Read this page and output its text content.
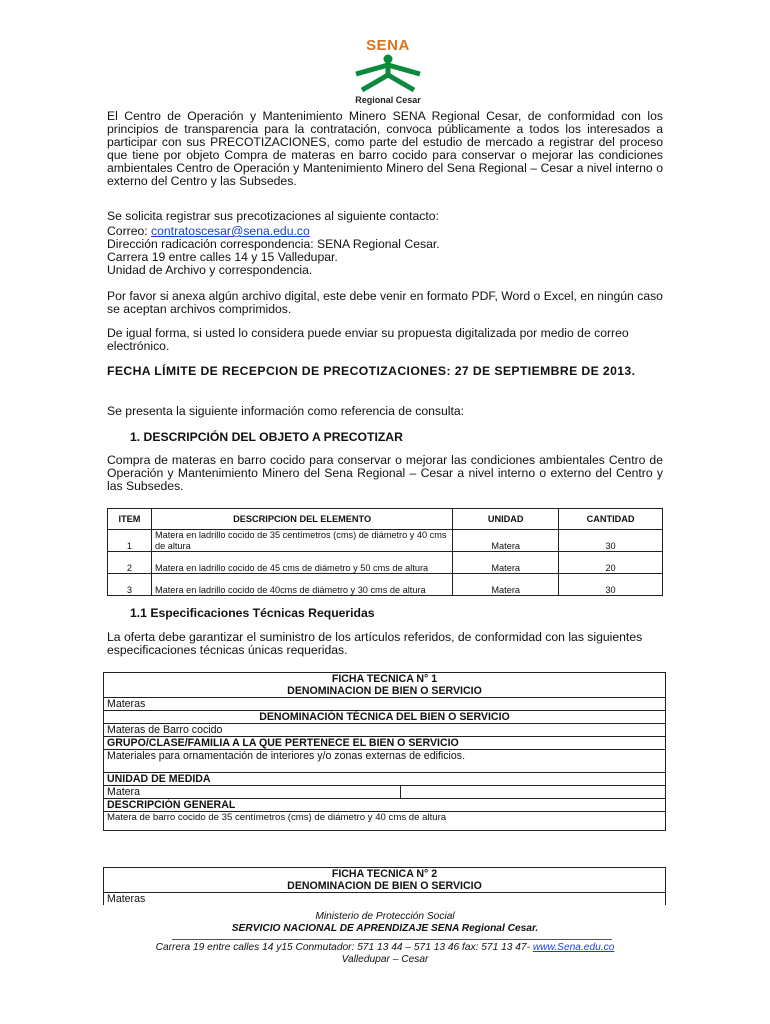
SENA
Regional Cesar

El Centro de Operación y Mantenimiento Minero SENA Regional Cesar, de conformidad con los principios de transparencia para la contratación, convoca públicamente a todos los interesados a participar con sus PRECOTIZACIONES, como parte del estudio de mercado a registrar del proceso que tiene por objeto Compra de materas en barro cocido para conservar o mejorar las condiciones ambientales Centro de Operación y Mantenimiento Minero del Sena Regional – Cesar a nivel interno o externo del Centro y las Subsedes.

Se solicita registrar sus precotizaciones al siguiente contacto:

Correo: contratoscesar@sena.edu.co

Dirección radicación correspondencia: SENA Regional Cesar.

Carrera 19 entre calles 14 y 15 Valledupar.

Unidad de Archivo y correspondencia.

Por favor si anexa algún archivo digital, este debe venir en formato PDF, Word o Excel, en ningún caso se aceptan archivos comprimidos.

De igual forma, si usted lo considera puede enviar su propuesta digitalizada por medio de correo electrónico.

FECHA LÍMITE DE RECEPCION DE PRECOTIZACIONES: 27 DE SEPTIEMBRE DE 2013.

Se presenta la siguiente información como referencia de consulta:

1. DESCRIPCIÓN DEL OBJETO A PRECOTIZAR

Compra de materas en barro cocido para conservar o mejorar las condiciones ambientales Centro de Operación y Mantenimiento Minero del Sena Regional – Cesar a nivel interno o externo del Centro y las Subsedes.

ITEM	DESCRIPCION DEL ELEMENTO	UNIDAD	CANTIDAD
1	Matera en ladrillo cocido de 35 centímetros (cms) de diámetro y 40 cms de altura	Matera	30
2	Matera en ladrillo cocido de 45 cms de diámetro y 50 cms de altura	Matera	20
3	Matera en ladrillo cocido de 40cms de diámetro y 30 cms de altura	Matera	30
1.1 Especificaciones Técnicas Requeridas

La oferta debe garantizar el suministro de los artículos referidos, de conformidad con las siguientes especificaciones técnicas únicas requeridas.

FICHA TECNICA N° 1
DENOMINACION DE BIEN O SERVICIO
Materas
DENOMINACIÓN TÉCNICA DEL BIEN O SERVICIO
Materas de Barro cocido
GRUPO/CLASE/FAMILIA A LA QUE PERTENECE EL BIEN O SERVICIO
Materiales para ornamentación de interiores y/o zonas externas de edificios.
UNIDAD DE MEDIDA
Matera
DESCRIPCIÓN GENERAL
Matera de barro cocido de 35 centímetros (cms) de diámetro y 40 cms de altura
FICHA TECNICA N° 2
DENOMINACION DE BIEN O SERVICIO
Materas
Ministerio de Protección Social
SERVICIO NACIONAL DE APRENDIZAJE SENA Regional Cesar.
Carrera 19 entre calles 14 y15 Conmutador: 571 13 44 – 571 13 46 fax: 571 13 47- www.Sena.edu.co
Valledupar – Cesar
